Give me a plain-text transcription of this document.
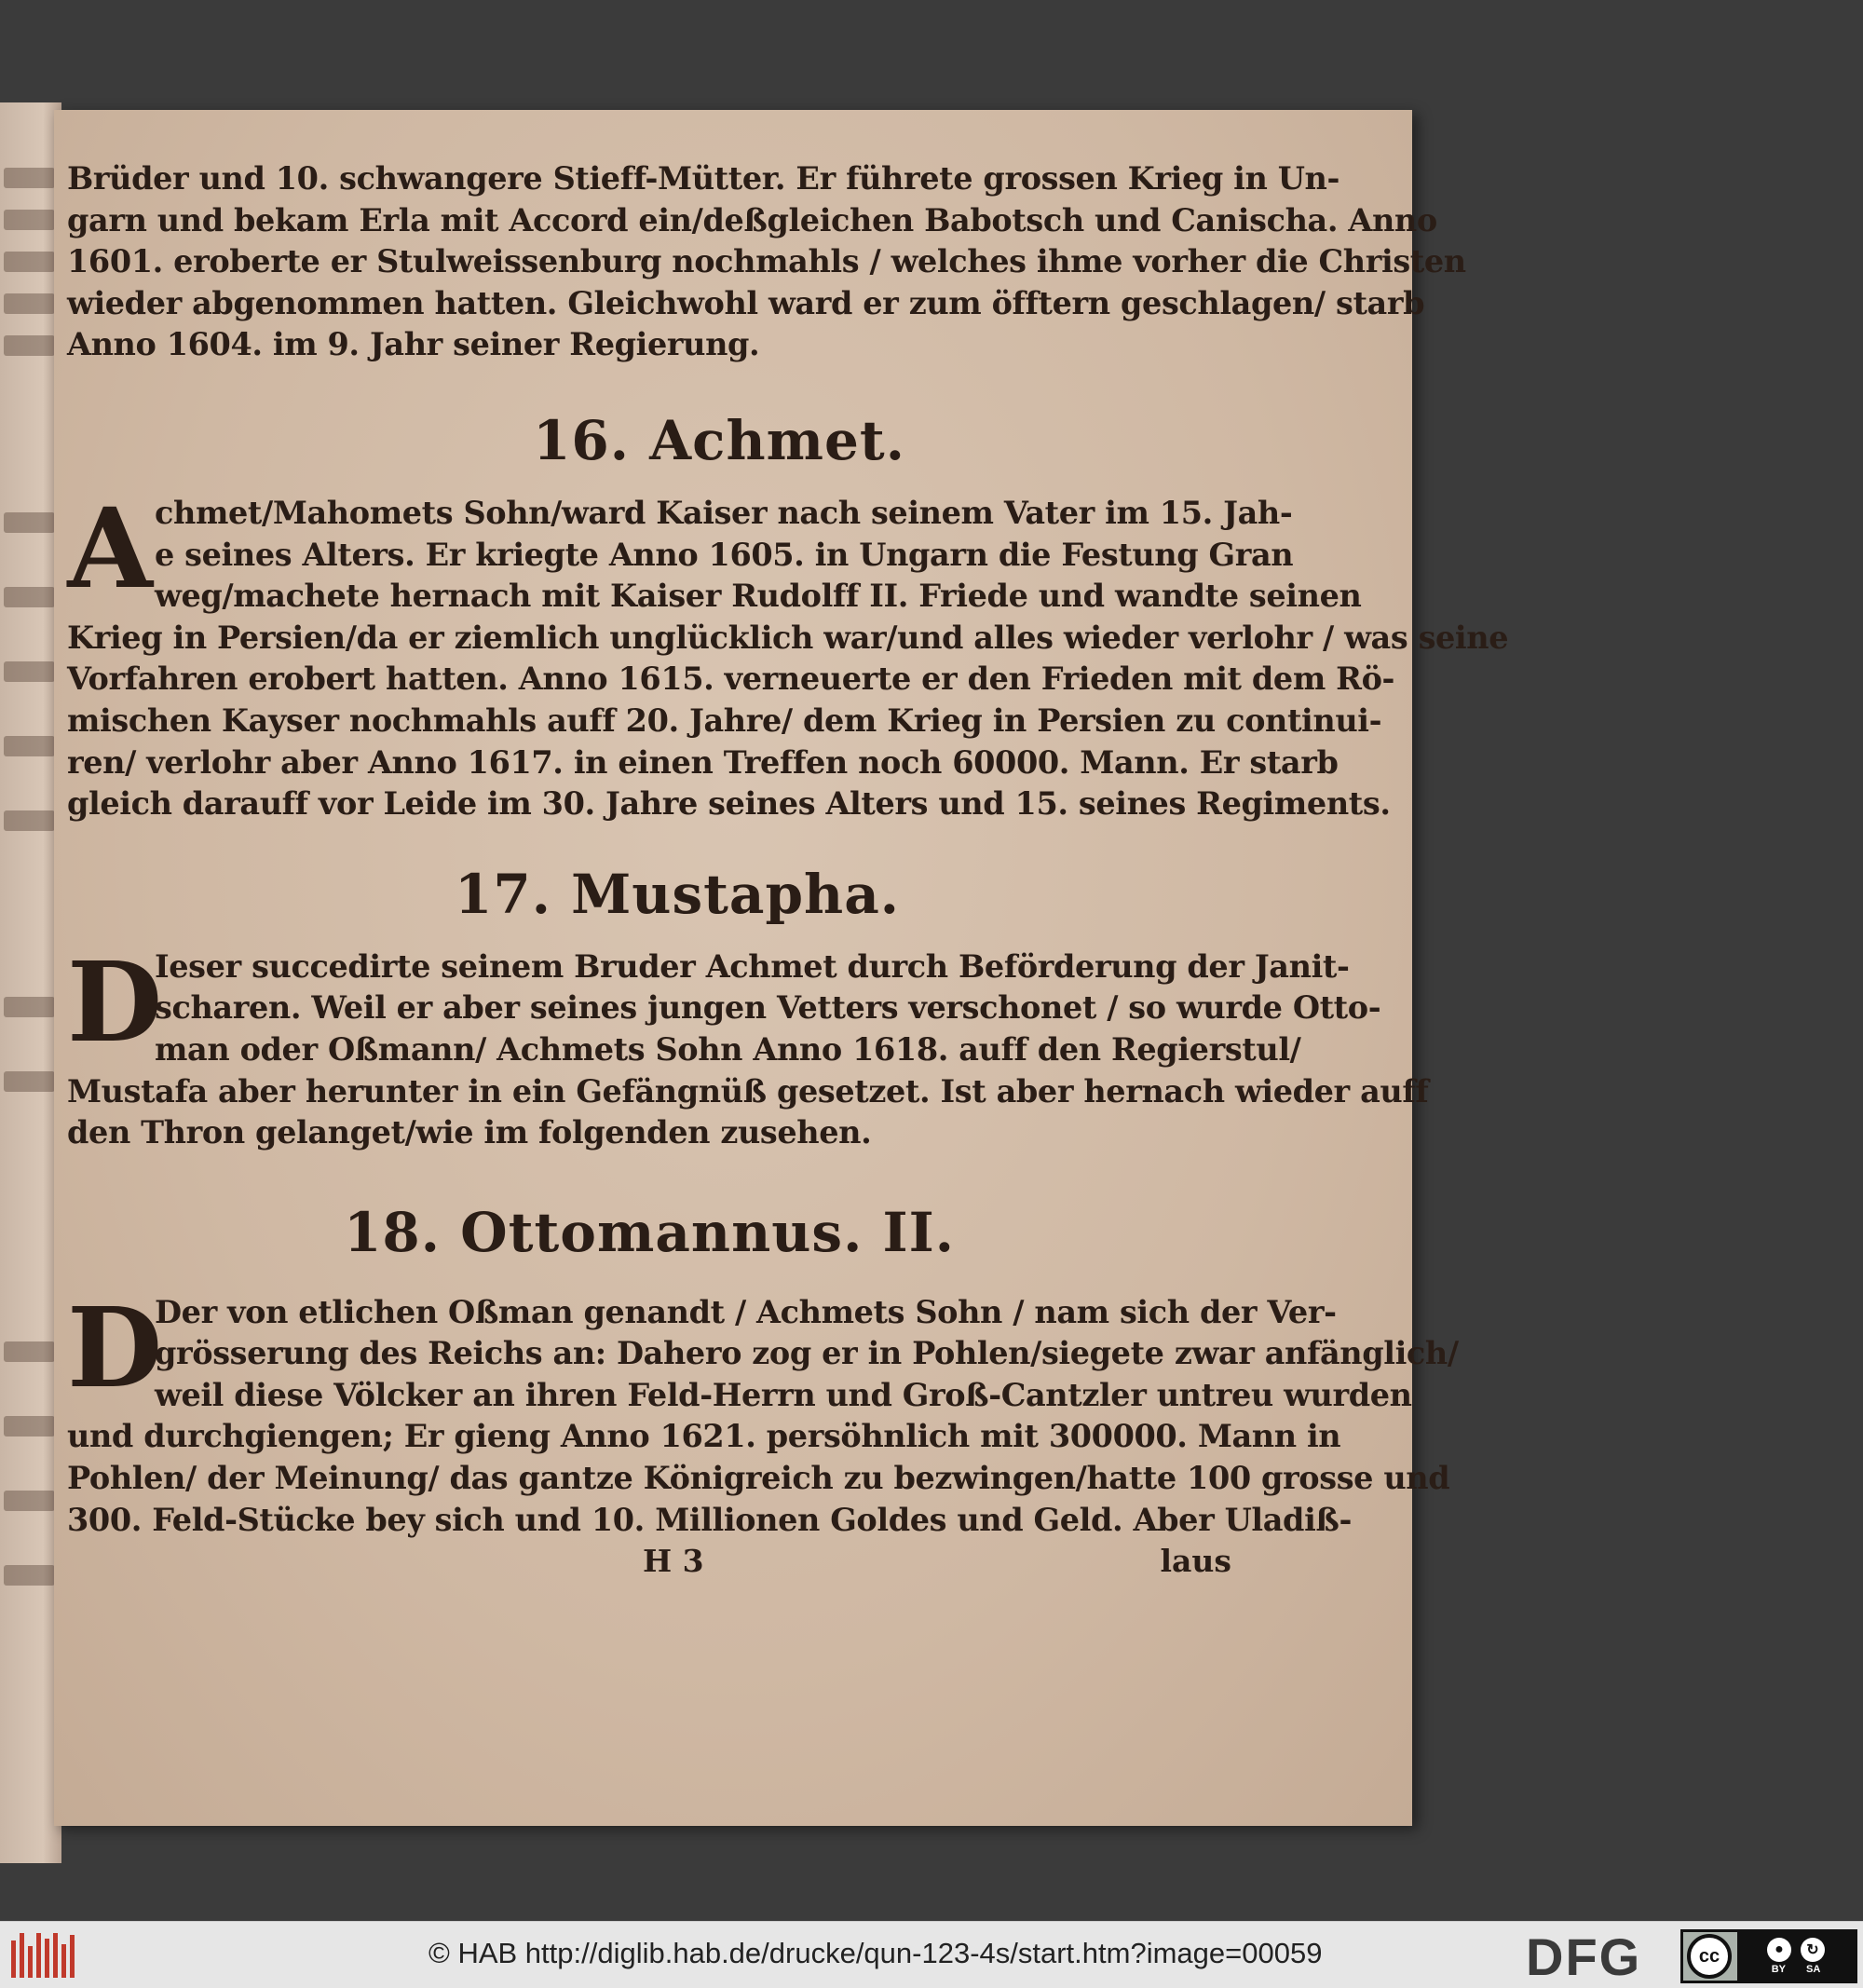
Brüder und 10. schwangere Stieff-Mütter. Er führete grossen Krieg in Un-
garn und bekam Erla mit Accord ein/deßgleichen Babotsch und Canischa. Anno
1601. eroberte er Stulweissenburg nochmahls / welches ihme vorher die Christen
wieder abgenommen hatten. Gleichwohl ward er zum öfftern geschlagen/ starb
Anno 1604. im 9. Jahr seiner Regierung.
16. Achmet.
A chmet/Mahomets Sohn/ward Kaiser nach seinem Vater im 15. Jah-
e seines Alters. Er kriegte Anno 1605. in Ungarn die Festung Gran
weg/machete hernach mit Kaiser Rudolff II. Friede und wandte seinen
Krieg in Persien/da er ziemlich unglücklich war/und alles wieder verlohr / was seine
Vorfahren erobert hatten. Anno 1615. verneuerte er den Frieden mit dem Rö-
mischen Kayser nochmahls auff 20. Jahre/ dem Krieg in Persien zu continui-
ren/ verlohr aber Anno 1617. in einen Treffen noch 60000. Mann. Er starb
gleich darauff vor Leide im 30. Jahre seines Alters und 15. seines Regiments.
17. Mustapha.
D
Ieser succedirte seinem Bruder Achmet durch Beförderung der Janit-
scharen. Weil er aber seines jungen Vetters verschonet / so wurde Otto-
man oder Oßmann/ Achmets Sohn Anno 1618. auff den Regierstul/
Mustafa aber herunter in ein Gefängnüß gesetzet. Ist aber hernach wieder auff
den Thron gelanget/wie im folgenden zusehen.
18. Ottomannus. II.
D
Der von etlichen Oßman genandt / Achmets Sohn / nam sich der Ver-
grösserung des Reichs an: Dahero zog er in Pohlen/siegete zwar anfänglich/
weil diese Völcker an ihren Feld-Herrn und Groß-Cantzler untreu wurden
und durchgiengen; Er gieng Anno 1621. persöhnlich mit 300000. Mann in
Pohlen/ der Meinung/ das gantze Königreich zu bezwingen/hatte 100 grosse und
300. Feld-Stücke bey sich und 10. Millionen Goldes und Geld. Aber Uladiß-
H 3	laus
© HAB http://diglib.hab.de/drucke/qun-123-4s/start.htm?image=00059	DFG	cc	●	↻
BY SA
